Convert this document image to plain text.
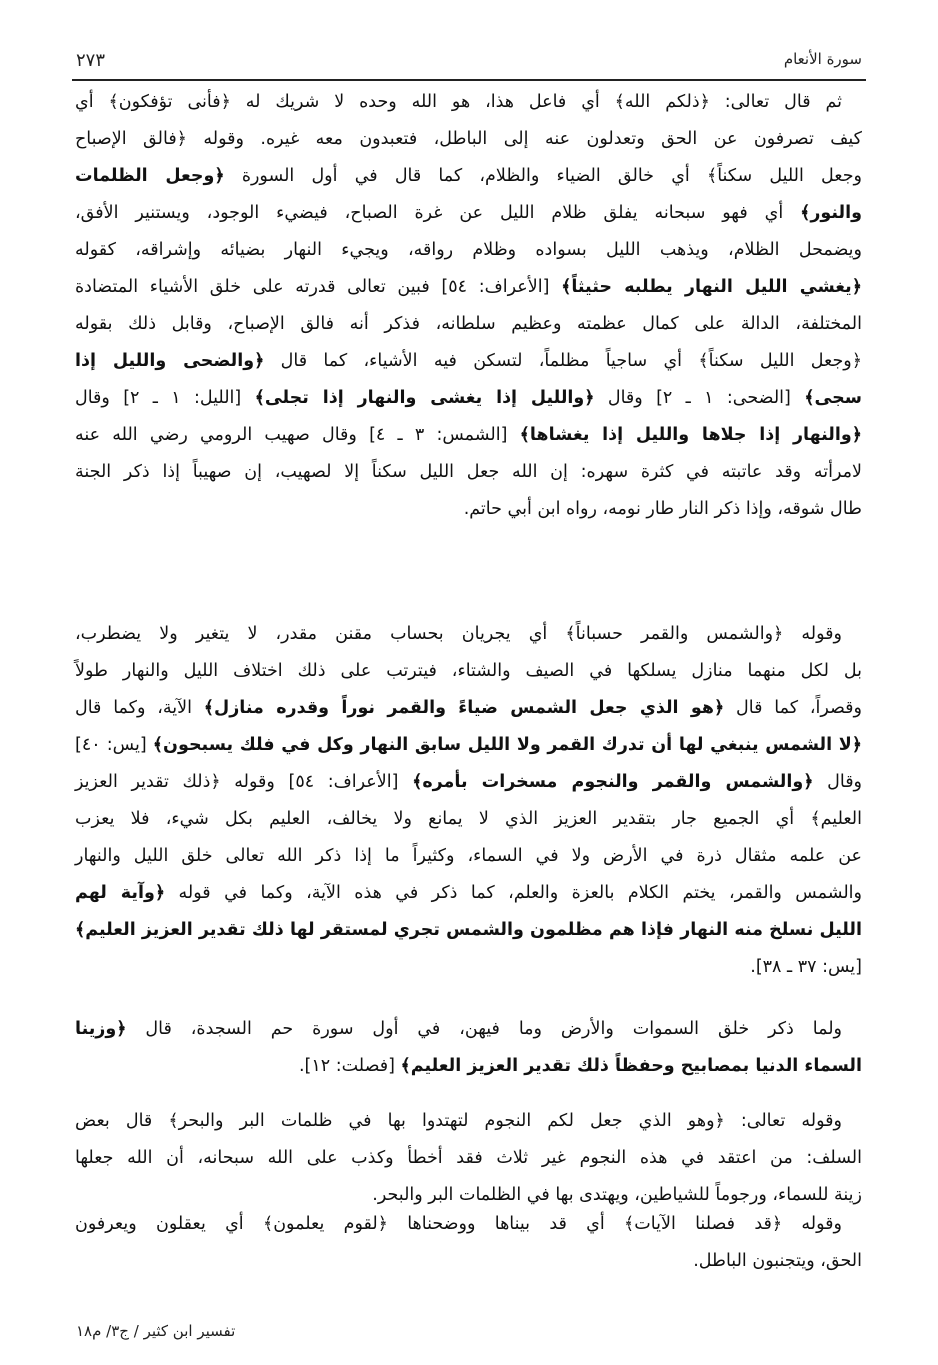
سورة الأنعام
٢٧٣
ثم قال تعالى: ﴿ذلكم الله﴾ أي فاعل هذا، هو الله وحده لا شريك له ﴿فأنى تؤفكون﴾ أي
كيف تصرفون عن الحق وتعدلون عنه إلى الباطل، فتعبدون معه غيره. وقوله ﴿فالق الإصباح
وجعل الليل سكناً﴾ أي خالق الضياء والظلام، كما قال في أول السورة ﴿وجعل الظلمات
والنور﴾ أي فهو سبحانه يفلق ظلام الليل عن غرة الصباح، فيضيء الوجود، ويستنير الأفق،
ويضمحل الظلام، ويذهب الليل بسواده وظلام رواقه، ويجيء النهار بضيائه وإشراقه، كقوله
﴿يغشي الليل النهار يطلبه حثيثاً﴾ [الأعراف: ٥٤] فبين تعالى قدرته على خلق الأشياء المتضادة
المختلفة، الدالة على كمال عظمته وعظيم سلطانه، فذكر أنه فالق الإصباح، وقابل ذلك بقوله
﴿وجعل الليل سكناً﴾ أي ساجياً مظلماً، لتسكن فيه الأشياء، كما قال ﴿والضحى والليل إذا
سجى﴾ [الضحى: ١ ـ ٢] وقال ﴿والليل إذا يغشى والنهار إذا تجلى﴾ [الليل: ١ ـ ٢] وقال
﴿والنهار إذا جلاها والليل إذا يغشاها﴾ [الشمس: ٣ ـ ٤] وقال صهيب الرومي رضي الله عنه
لامرأته وقد عاتبته في كثرة سهره: إن الله جعل الليل سكناً إلا لصهيب، إن صهيباً إذا ذكر الجنة
طال شوقه، وإذا ذكر النار طار نومه، رواه ابن أبي حاتم.
وقوله ﴿والشمس والقمر حسباناً﴾ أي يجريان بحساب مقنن مقدر، لا يتغير ولا يضطرب،
بل لكل منهما منازل يسلكها في الصيف والشتاء، فيترتب على ذلك اختلاف الليل والنهار طولاً
وقصراً، كما قال ﴿هو الذي جعل الشمس ضياءً والقمر نوراً وقدره منازل﴾ الآية، وكما قال
﴿لا الشمس ينبغي لها أن تدرك القمر ولا الليل سابق النهار وكل في فلك يسبحون﴾ [يس: ٤٠]
وقال ﴿والشمس والقمر والنجوم مسخرات بأمره﴾ [الأعراف: ٥٤] وقوله ﴿ذلك تقدير العزيز
العليم﴾ أي الجميع جار بتقدير العزيز الذي لا يمانع ولا يخالف، العليم بكل شيء، فلا يعزب
عن علمه مثقال ذرة في الأرض ولا في السماء، وكثيراً ما إذا ذكر الله تعالى خلق الليل والنهار
والشمس والقمر، يختم الكلام بالعزة والعلم، كما ذكر في هذه الآية، وكما في قوله ﴿وآية لهم
الليل نسلخ منه النهار فإذا هم مظلمون والشمس تجري لمستقر لها ذلك تقدير العزيز العليم﴾
[يس: ٣٧ ـ ٣٨].
ولما ذكر خلق السموات والأرض وما فيهن، في أول سورة حم السجدة، قال ﴿وزينا
السماء الدنيا بمصابيح وحفظاً ذلك تقدير العزيز العليم﴾ [فصلت: ١٢].
وقوله تعالى: ﴿وهو الذي جعل لكم النجوم لتهتدوا بها في ظلمات البر والبحر﴾ قال بعض
السلف: من اعتقد في هذه النجوم غير ثلاث فقد أخطأ وكذب على الله سبحانه، أن الله جعلها
زينة للسماء، ورجوماً للشياطين، ويهتدى بها في الظلمات البر والبحر.
وقوله ﴿قد فصلنا الآيات﴾ أي قد بيناها ووضحناها ﴿لقوم يعلمون﴾ أي يعقلون ويعرفون
الحق، ويتجنبون الباطل.
تفسير ابن كثير / ج٣/ م١٨
